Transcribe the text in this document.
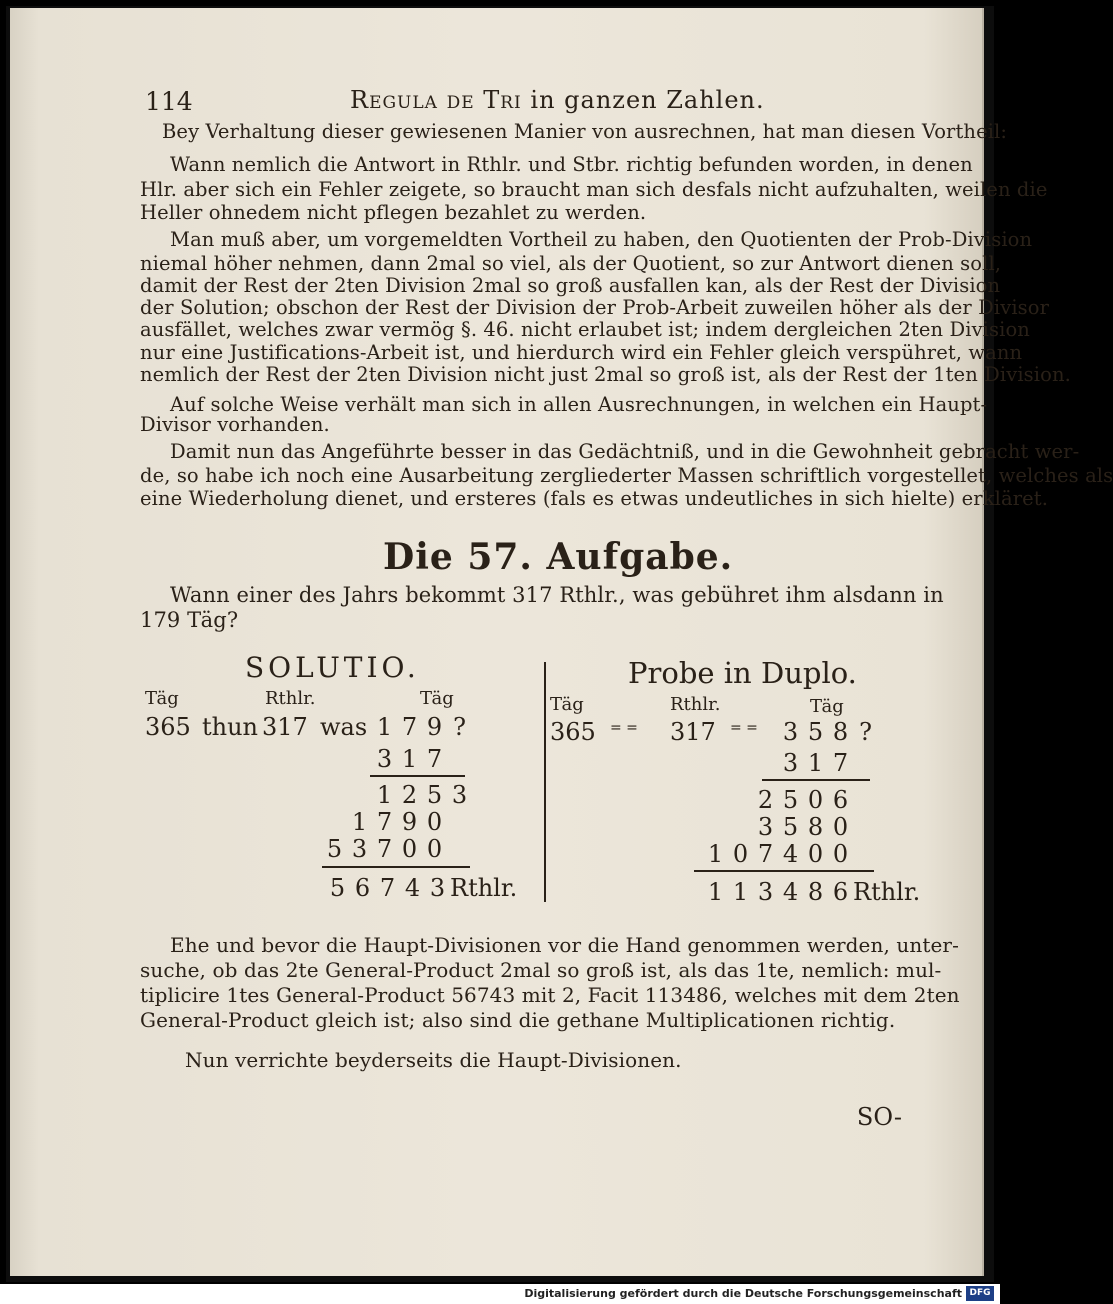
114	Regula de Tri in ganzen Zahlen.
Bey Verhaltung dieser gewiesenen Manier von ausrechnen, hat man diesen Vortheil:
Wann nemlich die Antwort in Rthlr. und Stbr. richtig befunden worden, in denen
Hlr. aber sich ein Fehler zeigete, so braucht man sich desfals nicht aufzuhalten, weilen die
Heller ohnedem nicht pflegen bezahlet zu werden.
Man muß aber, um vorgemeldten Vortheil zu haben, den Quotienten der Prob-Division
niemal höher nehmen, dann 2mal so viel, als der Quotient, so zur Antwort dienen soll,
damit der Rest der 2ten Division 2mal so groß ausfallen kan, als der Rest der Division
der Solution; obschon der Rest der Division der Prob-Arbeit zuweilen höher als der Divisor
ausfället, welches zwar vermög §. 46. nicht erlaubet ist; indem dergleichen 2ten Division
nur eine Justifications-Arbeit ist, und hierdurch wird ein Fehler gleich verspühret, wann
nemlich der Rest der 2ten Division nicht just 2mal so groß ist, als der Rest der 1ten Division.
Auf solche Weise verhält man sich in allen Ausrechnungen, in welchen ein Haupt-
Divisor vorhanden.
Damit nun das Angeführte besser in das Gedächtniß, und in die Gewohnheit gebracht wer-
de, so habe ich noch eine Ausarbeitung zergliederter Massen schriftlich vorgestellet, welches als
eine Wiederholung dienet, und ersteres (fals es etwas undeutliches in sich hielte) erkläret.
Die 57. Aufgabe.
Wann einer des Jahrs bekommt 317 Rthlr., was gebühret ihm alsdann in
179 Täg?
SOLUTIO.
Täg	Rthlr.	Täg
365 thun 317 was 1 7 9 ?
3 1 7
1 2 5 3
1 7 9 0
5 3 7 0 0
5 6 7 4 3 Rthlr.
Probe in Duplo.
Täg	Rthlr.	Täg
365 = = 317 = = 3 5 8 ?
3 1 7
2 5 0 6
3 5 8 0
1 0 7 4 0 0
1 1 3 4 8 6 Rthlr.
Ehe und bevor die Haupt-Divisionen vor die Hand genommen werden, unter-
suche, ob das 2te General-Product 2mal so groß ist, als das 1te, nemlich: mul-
tiplicire 1tes General-Product 56743 mit 2, Facit 113486, welches mit dem 2ten
General-Product gleich ist; also sind die gethane Multiplicationen richtig.
Nun verrichte beyderseits die Haupt-Divisionen.
SO-
Digitalisierung gefördert durch die Deutsche Forschungsgemeinschaft DFG
